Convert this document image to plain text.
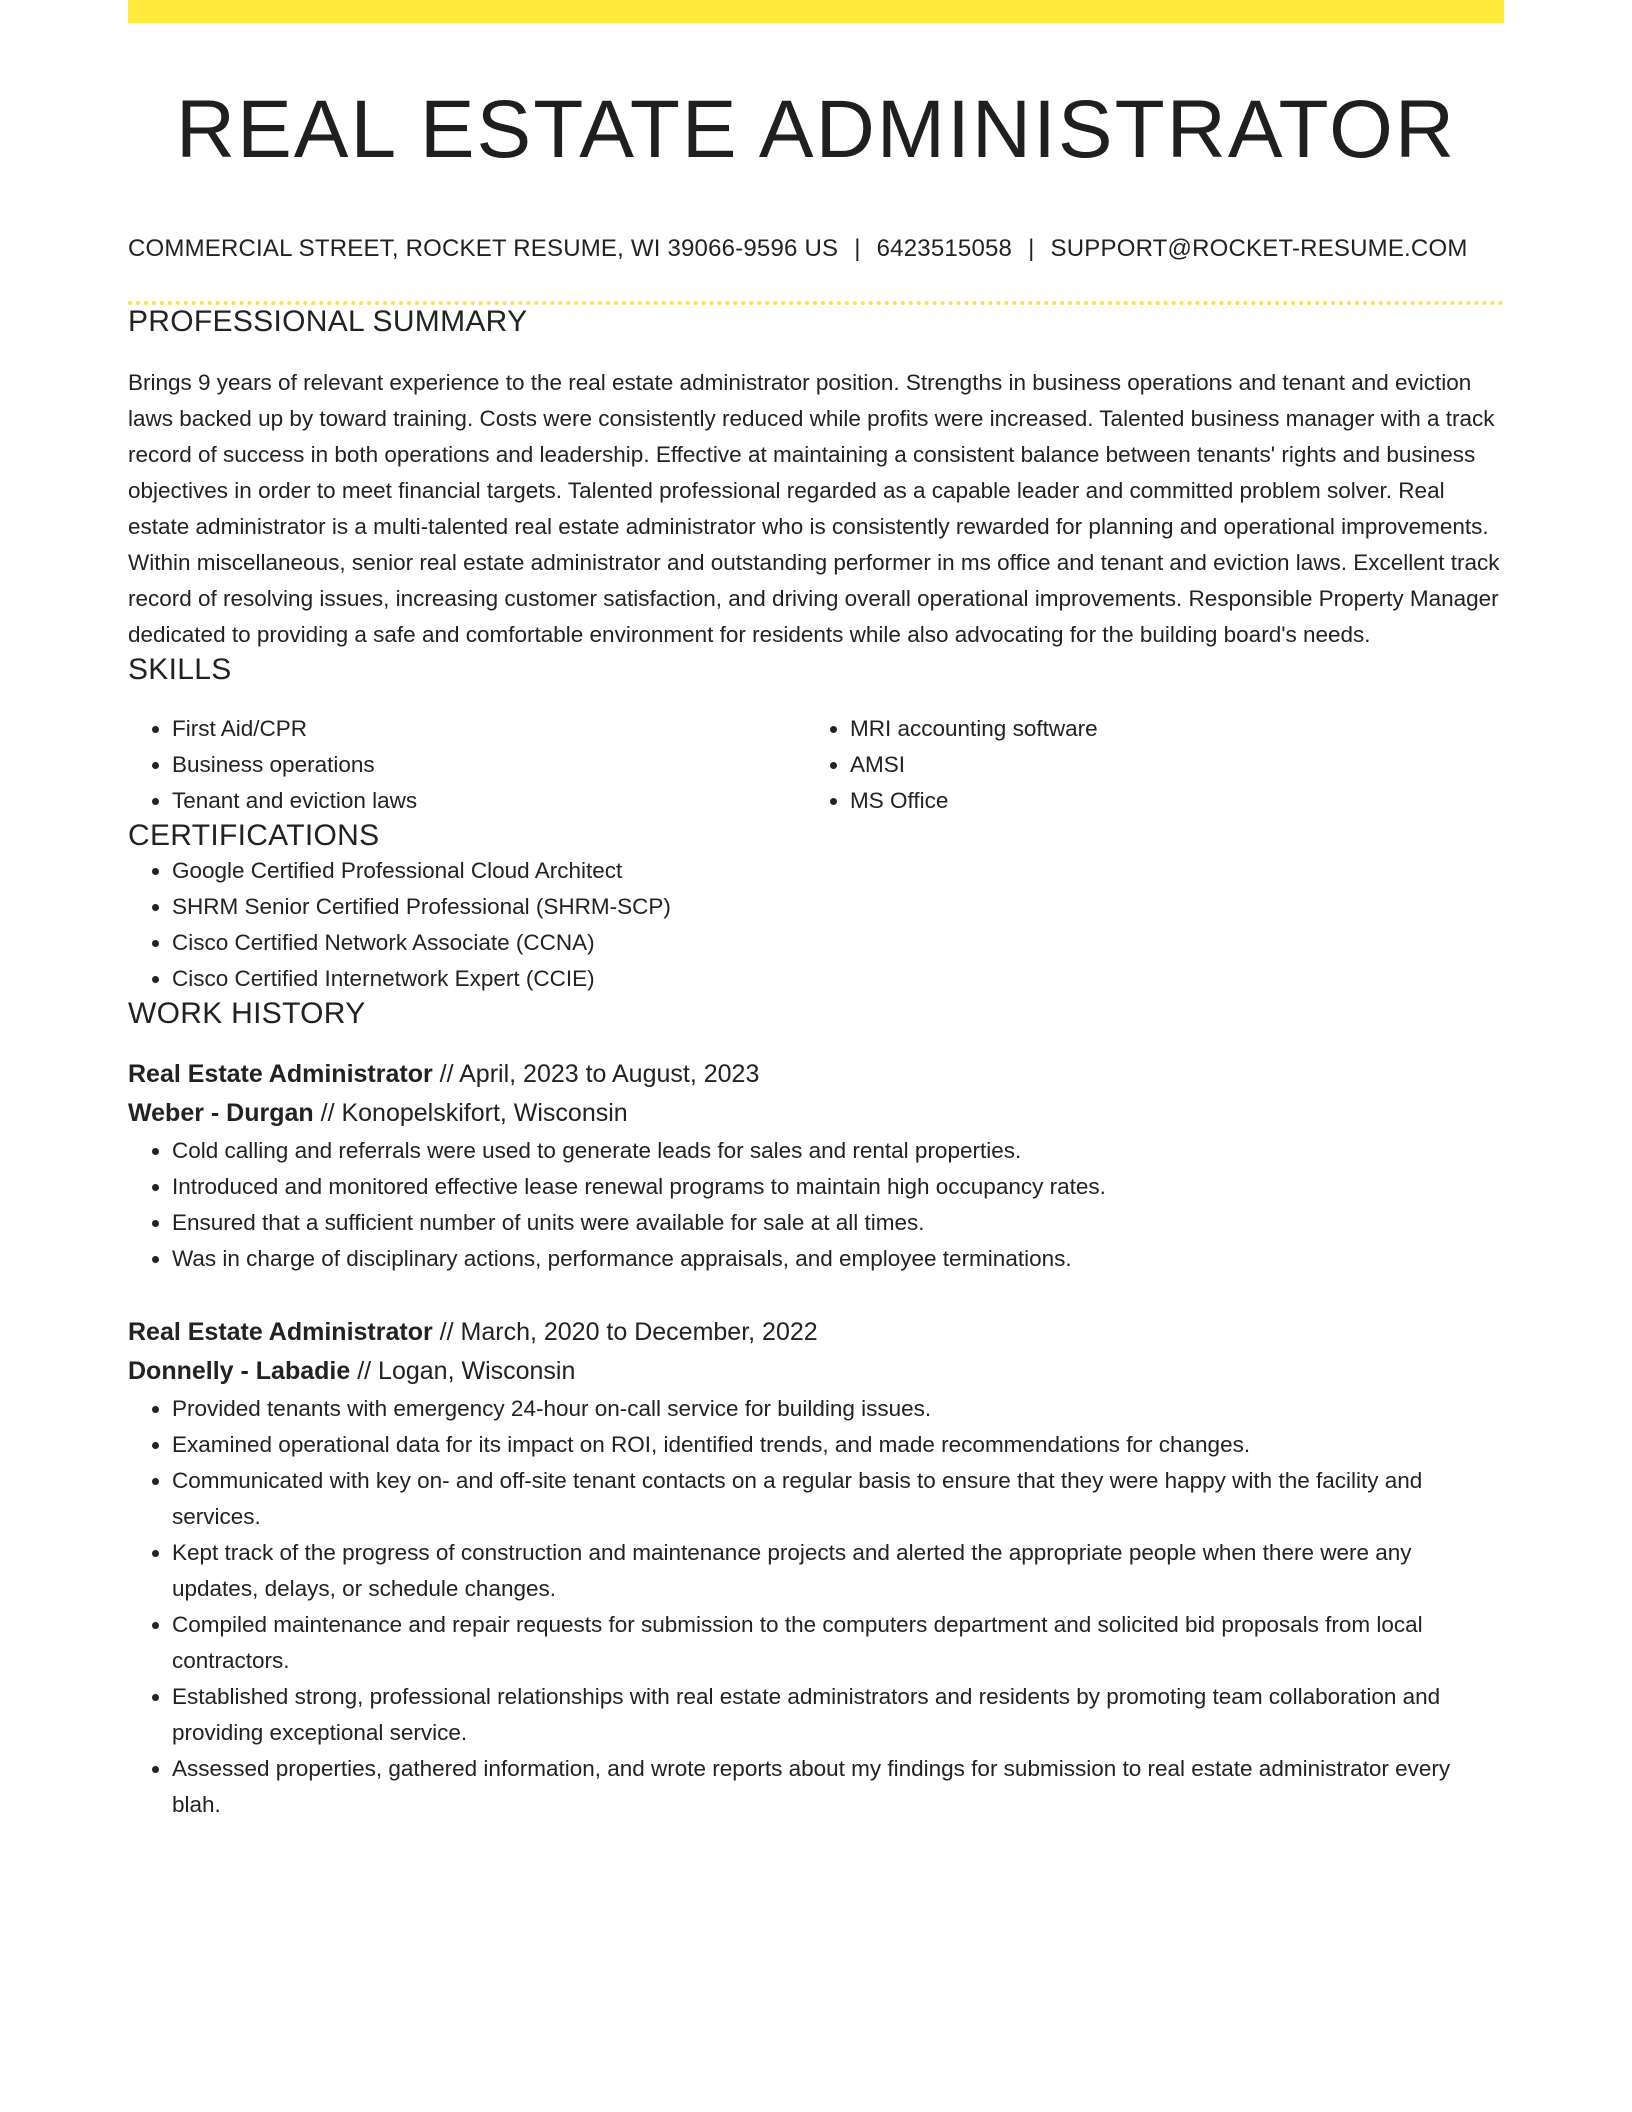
REAL ESTATE ADMINISTRATOR
COMMERCIAL STREET, ROCKET RESUME, WI 39066-9596 US | 6423515058 | SUPPORT@ROCKET-RESUME.COM
PROFESSIONAL SUMMARY

Brings 9 years of relevant experience to the real estate administrator position. Strengths in business operations and tenant and eviction laws backed up by toward training. Costs were consistently reduced while profits were increased. Talented business manager with a track record of success in both operations and leadership. Effective at maintaining a consistent balance between tenants' rights and business objectives in order to meet financial targets. Talented professional regarded as a capable leader and committed problem solver. Real estate administrator is a multi-talented real estate administrator who is consistently rewarded for planning and operational improvements. Within miscellaneous, senior real estate administrator and outstanding performer in ms office and tenant and eviction laws. Excellent track record of resolving issues, increasing customer satisfaction, and driving overall operational improvements. Responsible Property Manager dedicated to providing a safe and comfortable environment for residents while also advocating for the building board's needs.

SKILLS
• First Aid/CPR
• Business operations
• Tenant and eviction laws
• MRI accounting software
• AMSI
• MS Office
CERTIFICATIONS
• Google Certified Professional Cloud Architect
• SHRM Senior Certified Professional (SHRM-SCP)
• Cisco Certified Network Associate (CCNA)
• Cisco Certified Internetwork Expert (CCIE)
WORK HISTORY
Real Estate Administrator // April, 2023 to August, 2023
Weber - Durgan // Konopelskifort, Wisconsin
• Cold calling and referrals were used to generate leads for sales and rental properties.
• Introduced and monitored effective lease renewal programs to maintain high occupancy rates.
• Ensured that a sufficient number of units were available for sale at all times.
• Was in charge of disciplinary actions, performance appraisals, and employee terminations.
Real Estate Administrator // March, 2020 to December, 2022
Donnelly - Labadie // Logan, Wisconsin
• Provided tenants with emergency 24-hour on-call service for building issues.
• Examined operational data for its impact on ROI, identified trends, and made recommendations for changes.
• Communicated with key on- and off-site tenant contacts on a regular basis to ensure that they were happy with the facility and services.
• Kept track of the progress of construction and maintenance projects and alerted the appropriate people when there were any updates, delays, or schedule changes.
• Compiled maintenance and repair requests for submission to the computers department and solicited bid proposals from local contractors.
• Established strong, professional relationships with real estate administrators and residents by promoting team collaboration and providing exceptional service.
• Assessed properties, gathered information, and wrote reports about my findings for submission to real estate administrator every blah.
